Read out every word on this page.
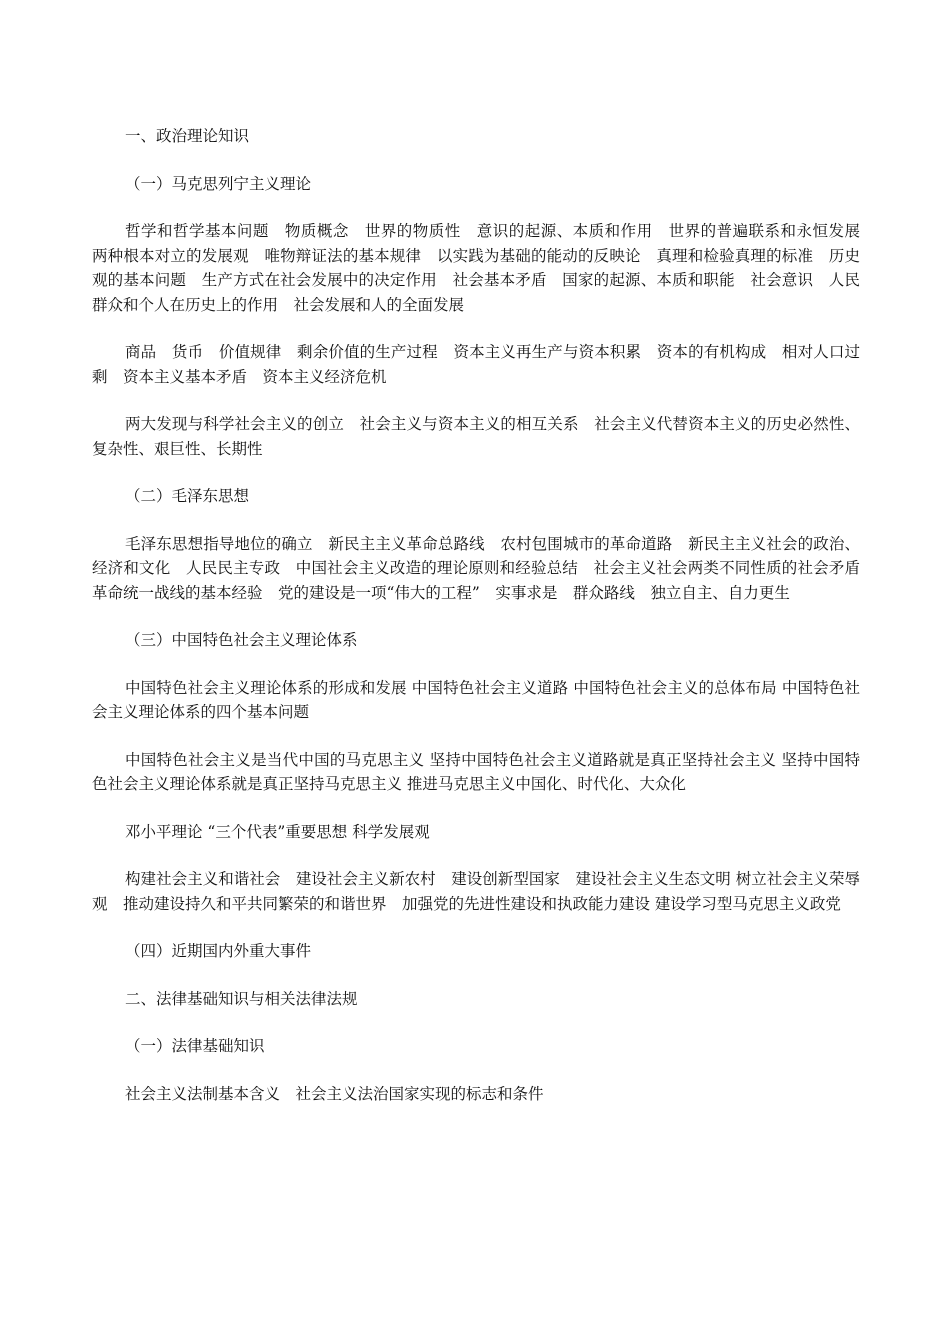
一、政治理论知识

（一）马克思列宁主义理论

哲学和哲学基本问题　物质概念　世界的物质性　意识的起源、本质和作用　世界的普遍联系和永恒发展　两种根本对立的发展观　唯物辩证法的基本规律　以实践为基础的能动的反映论　真理和检验真理的标准　历史观的基本问题　生产方式在社会发展中的决定作用　社会基本矛盾　国家的起源、本质和职能　社会意识　人民群众和个人在历史上的作用　社会发展和人的全面发展

商品　货币　价值规律　剩余价值的生产过程　资本主义再生产与资本积累　资本的有机构成　相对人口过剩　资本主义基本矛盾　资本主义经济危机

两大发现与科学社会主义的创立　社会主义与资本主义的相互关系　社会主义代替资本主义的历史必然性、复杂性、艰巨性、长期性

（二）毛泽东思想

毛泽东思想指导地位的确立　新民主主义革命总路线　农村包围城市的革命道路　新民主主义社会的政治、经济和文化　人民民主专政　中国社会主义改造的理论原则和经验总结　社会主义社会两类不同性质的社会矛盾　革命统一战线的基本经验　党的建设是一项“伟大的工程”　实事求是　群众路线　独立自主、自力更生

（三）中国特色社会主义理论体系

中国特色社会主义理论体系的形成和发展 中国特色社会主义道路 中国特色社会主义的总体布局 中国特色社会主义理论体系的四个基本问题

中国特色社会主义是当代中国的马克思主义 坚持中国特色社会主义道路就是真正坚持社会主义 坚持中国特色社会主义理论体系就是真正坚持马克思主义 推进马克思主义中国化、时代化、大众化

邓小平理论 “三个代表”重要思想 科学发展观

构建社会主义和谐社会　建设社会主义新农村　建设创新型国家　建设社会主义生态文明 树立社会主义荣辱观　推动建设持久和平共同繁荣的和谐世界　加强党的先进性建设和执政能力建设 建设学习型马克思主义政党

（四）近期国内外重大事件

二、法律基础知识与相关法律法规

（一）法律基础知识

社会主义法制基本含义　社会主义法治国家实现的标志和条件
